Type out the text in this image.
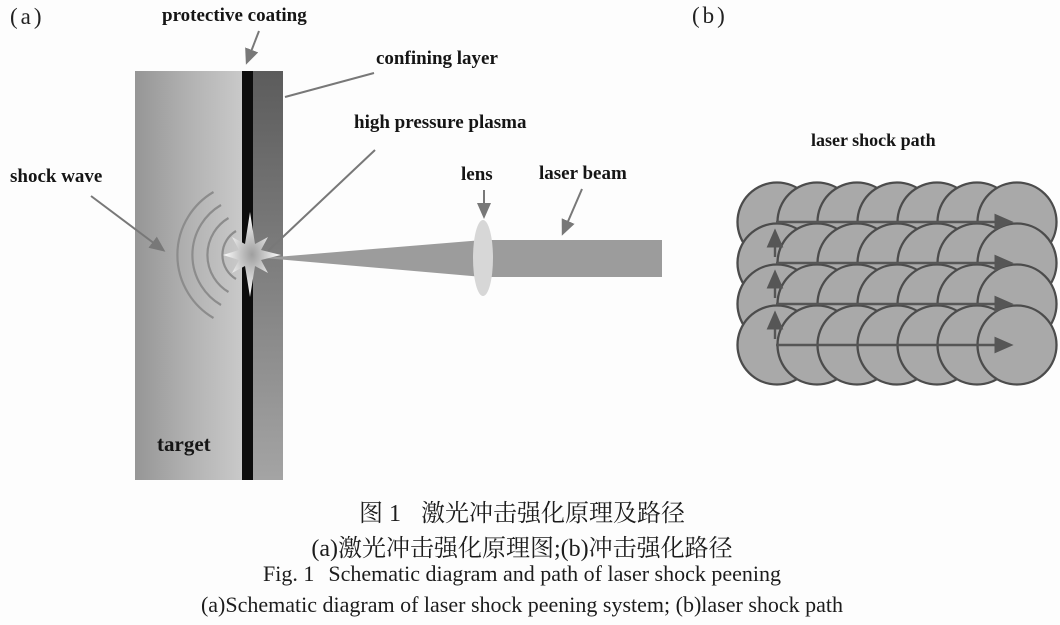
(a)	(b)
shock wave
protective coating
confining layer
high pressure plasma
lens laser beam
target
laser shock path
图 1 激光冲击强化原理及路径
(a)激光冲击强化原理图;(b)冲击强化路径
Fig. 1 Schematic diagram and path of laser shock peening
(a)Schematic diagram of laser shock peening system; (b)laser shock path
